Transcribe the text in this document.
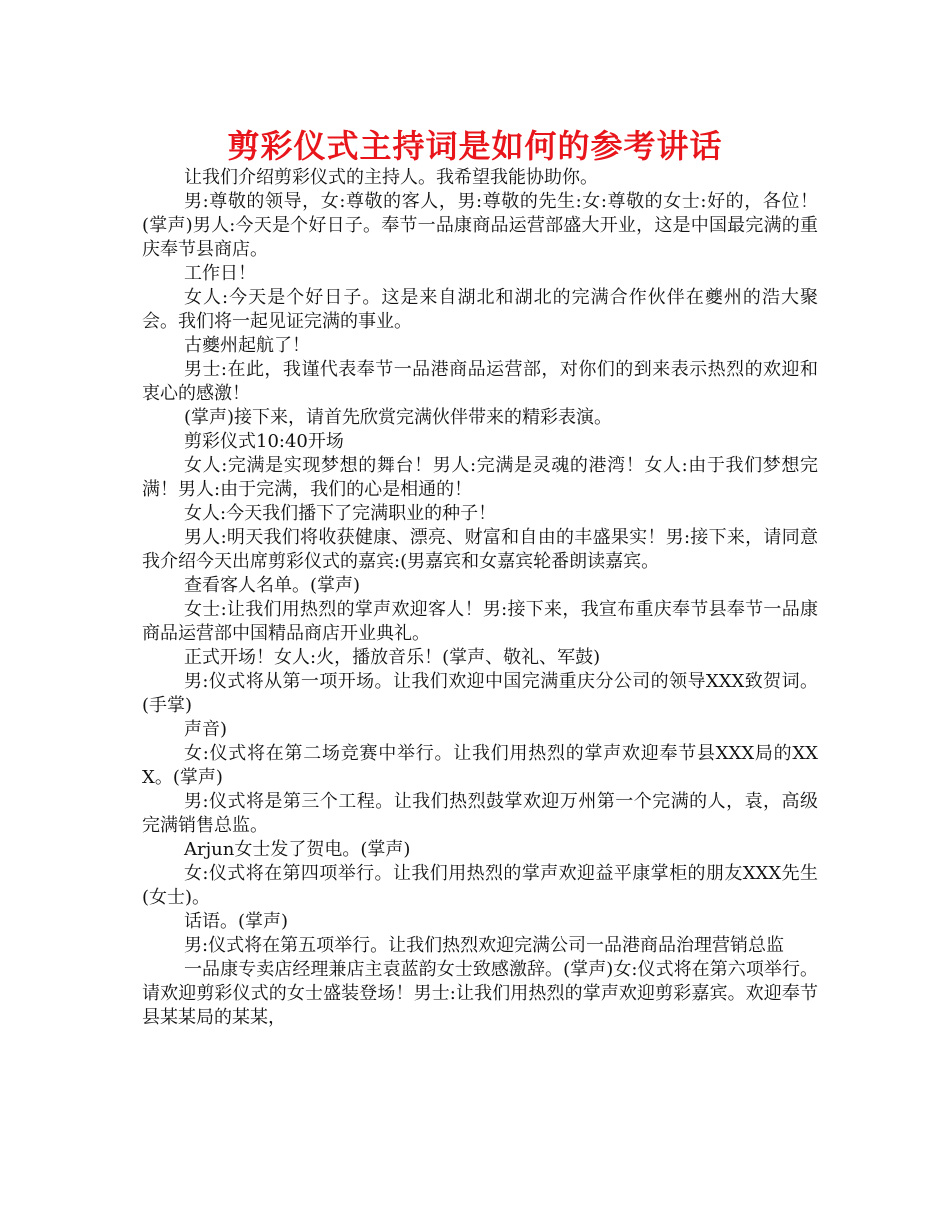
剪彩仪式主持词是如何的参考讲话

让我们介绍剪彩仪式的主持人。我希望我能协助你。

男:尊敬的领导，女:尊敬的客人，男:尊敬的先生:女:尊敬的女士:好的，各位！(掌声)男人:今天是个好日子。奉节一品康商品运营部盛大开业，这是中国最完满的重庆奉节县商店。

工作日！

女人:今天是个好日子。这是来自湖北和湖北的完满合作伙伴在夔州的浩大聚会。我们将一起见证完满的事业。

古夔州起航了！

男士:在此，我谨代表奉节一品港商品运营部，对你们的到来表示热烈的欢迎和衷心的感激！

(掌声)接下来，请首先欣赏完满伙伴带来的精彩表演。

剪彩仪式10:40开场

女人:完满是实现梦想的舞台！男人:完满是灵魂的港湾！女人:由于我们梦想完满！男人:由于完满，我们的心是相通的！

女人:今天我们播下了完满职业的种子！

男人:明天我们将收获健康、漂亮、财富和自由的丰盛果实！男:接下来，请同意我介绍今天出席剪彩仪式的嘉宾:(男嘉宾和女嘉宾轮番朗读嘉宾。

查看客人名单。(掌声)

女士:让我们用热烈的掌声欢迎客人！男:接下来，我宣布重庆奉节县奉节一品康商品运营部中国精品商店开业典礼。

正式开场！女人:火，播放音乐！(掌声、敬礼、军鼓)

男:仪式将从第一项开场。让我们欢迎中国完满重庆分公司的领导XXX致贺词。(手掌)

声音)

女:仪式将在第二场竞赛中举行。让我们用热烈的掌声欢迎奉节县XXX局的XXX。(掌声)

男:仪式将是第三个工程。让我们热烈鼓掌欢迎万州第一个完满的人，袁，高级完满销售总监。

Arjun女士发了贺电。(掌声)

女:仪式将在第四项举行。让我们用热烈的掌声欢迎益平康掌柜的朋友XXX先生(女士)。

话语。(掌声)

男:仪式将在第五项举行。让我们热烈欢迎完满公司一品港商品治理营销总监

一品康专卖店经理兼店主袁蓝韵女士致感激辞。(掌声)女:仪式将在第六项举行。请欢迎剪彩仪式的女士盛装登场！男士:让我们用热烈的掌声欢迎剪彩嘉宾。欢迎奉节县某某局的某某，
